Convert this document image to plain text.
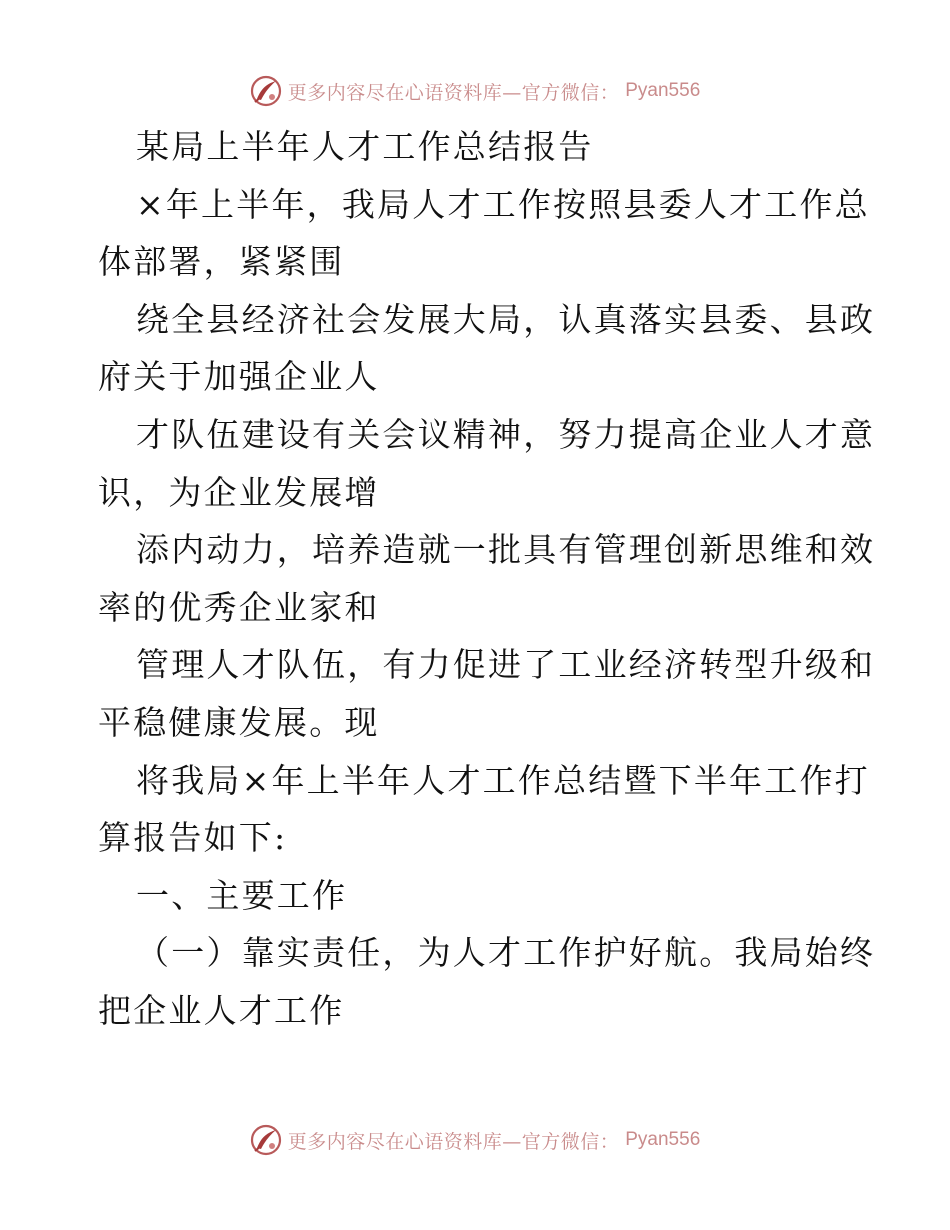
更多内容尽在心语资料库—官方微信： Pyan556
某局上半年人才工作总结报告
×年上半年，我局人才工作按照县委人才工作总
体部署，紧紧围
绕全县经济社会发展大局，认真落实县委、县政
府关于加强企业人
才队伍建设有关会议精神，努力提高企业人才意
识，为企业发展增
添内动力，培养造就一批具有管理创新思维和效
率的优秀企业家和
管理人才队伍，有力促进了工业经济转型升级和
平稳健康发展。现
将我局×年上半年人才工作总结暨下半年工作打
算报告如下:
一、主要工作
（一）靠实责任，为人才工作护好航。我局始终
把企业人才工作
更多内容尽在心语资料库—官方微信： Pyan556
